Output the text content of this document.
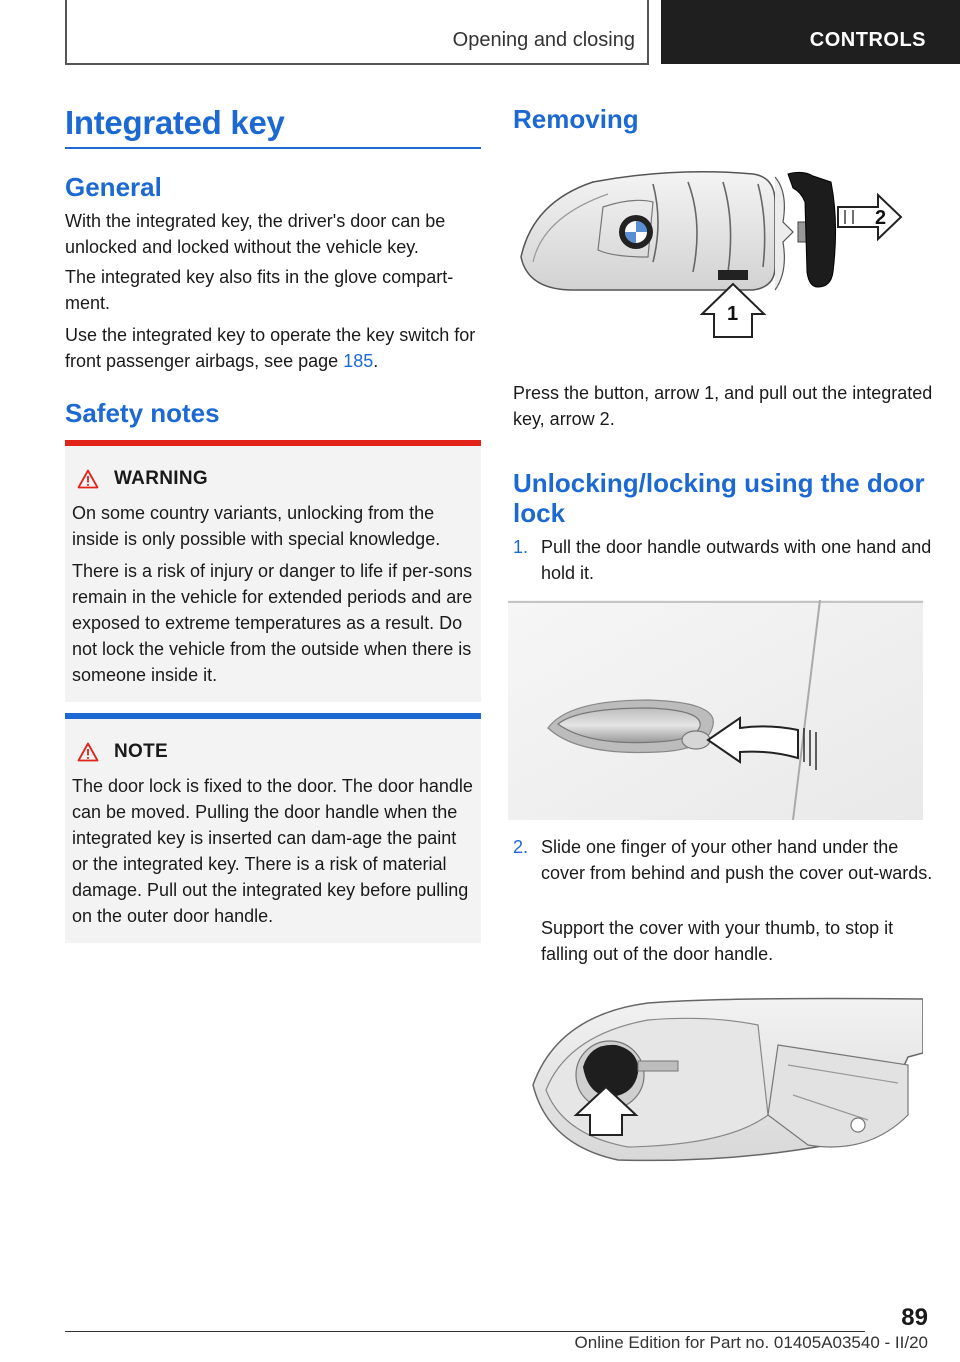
Opening and closing	CONTROLS
Integrated key
General
With the integrated key, the driver's door can be unlocked and locked without the vehicle key.
The integrated key also fits in the glove compart-ment.
Use the integrated key to operate the key switch for front passenger airbags, see page 185.
Safety notes
WARNING
On some country variants, unlocking from the inside is only possible with special knowledge.
There is a risk of injury or danger to life if per-sons remain in the vehicle for extended periods and are exposed to extreme temperatures as a result. Do not lock the vehicle from the outside when there is someone inside it.
NOTE
The door lock is fixed to the door. The door handle can be moved. Pulling the door handle when the integrated key is inserted can dam-age the paint or the integrated key. There is a risk of material damage. Pull out the integrated key before pulling on the outer door handle.
Removing
2
1
Press the button, arrow 1, and pull out the integrated key, arrow 2.
Unlocking/locking using the door lock
1. Pull the door handle outwards with one hand and hold it.
2. Slide one finger of your other hand under the cover from behind and push the cover out-wards.
Support the cover with your thumb, to stop it falling out of the door handle.
89
Online Edition for Part no. 01405A03540 - II/20
